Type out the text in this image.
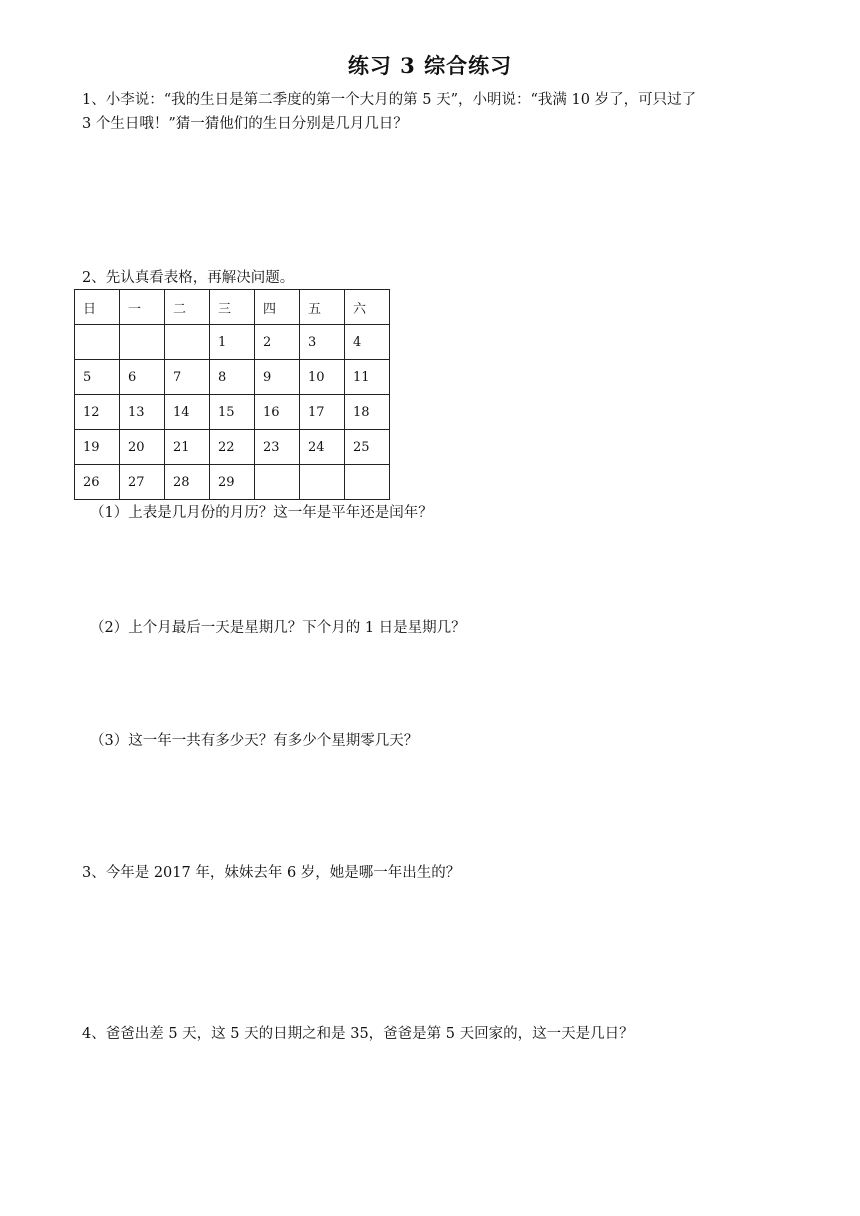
练习 3 综合练习
1、小李说：“我的生日是第二季度的第一个大月的第 5 天”，小明说：“我满 10 岁了，可只过了
3 个生日哦！”猜一猜他们的生日分别是几月几日？
2、先认真看表格，再解决问题。
日	一	二	三	四	五	六
			1	2	3	4
5	6	7	8	9	10	11
12	13	14	15	16	17	18
19	20	21	22	23	24	25
26	27	28	29			
（1）上表是几月份的月历？这一年是平年还是闰年？
（2）上个月最后一天是星期几？下个月的 1 日是星期几？
（3）这一年一共有多少天？有多少个星期零几天？
3、今年是 2017 年，妹妹去年 6 岁，她是哪一年出生的？
4、爸爸出差 5 天，这 5 天的日期之和是 35，爸爸是第 5 天回家的，这一天是几日？
